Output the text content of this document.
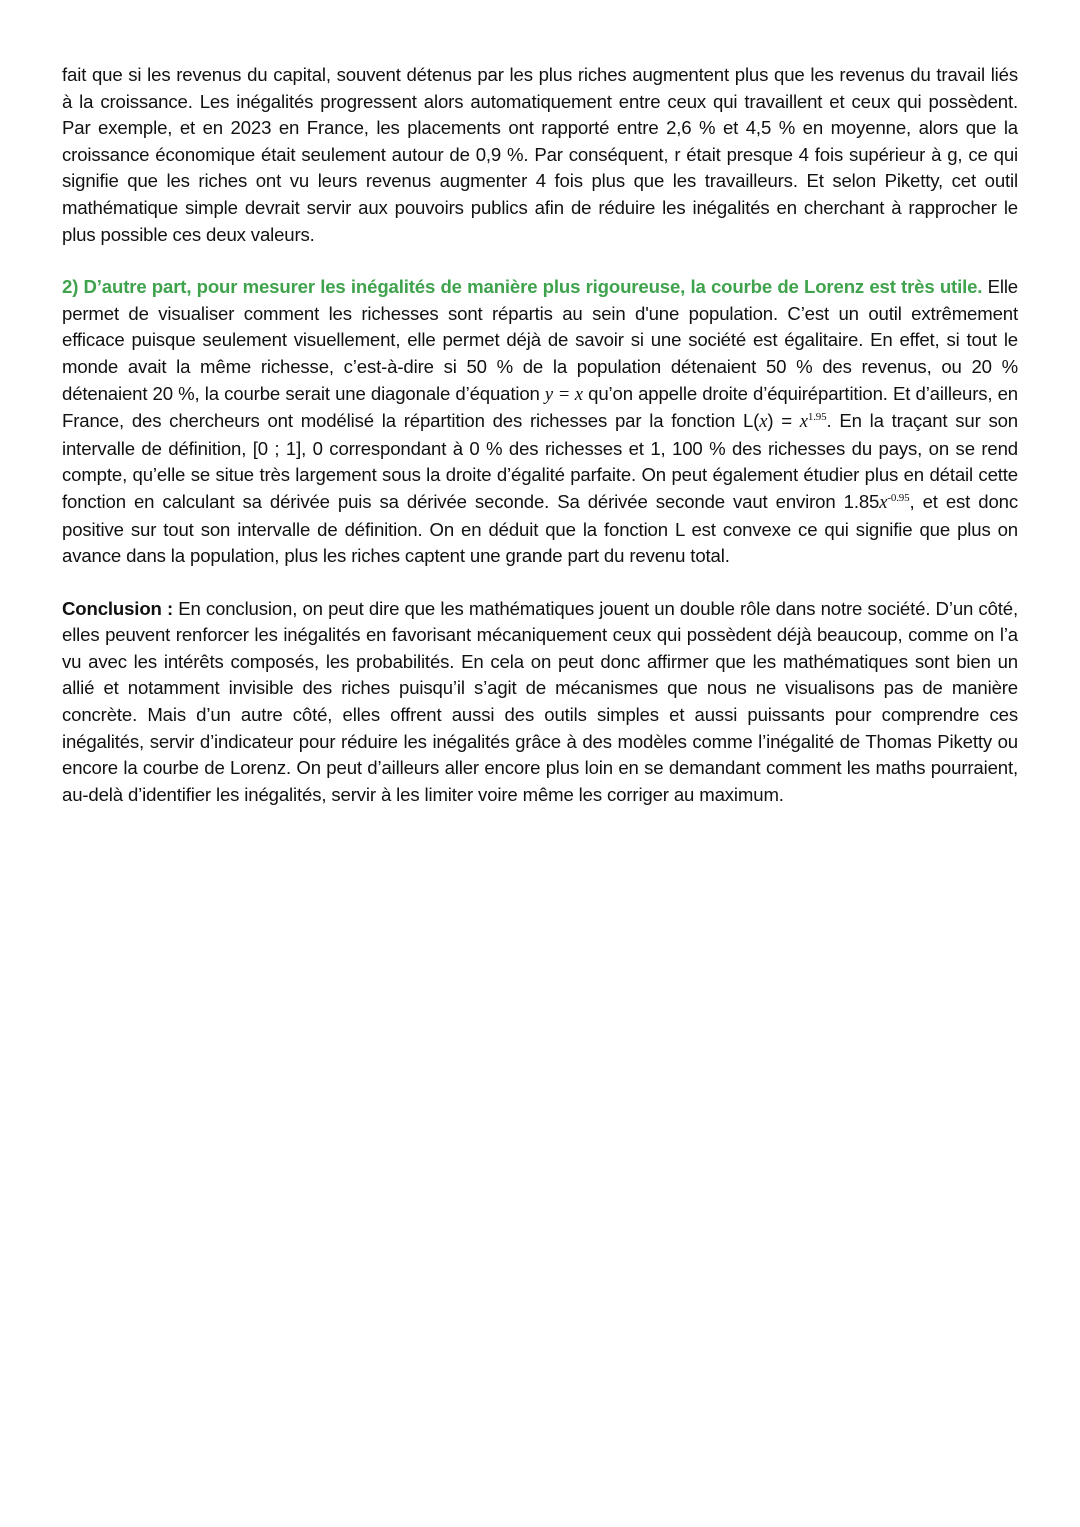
fait que si les revenus du capital, souvent détenus par les plus riches augmentent plus que les revenus du travail liés à la croissance. Les inégalités progressent alors automatiquement entre ceux qui travaillent et ceux qui possèdent. Par exemple, et en 2023 en France, les placements ont rapporté entre 2,6 % et 4,5 % en moyenne, alors que la croissance économique était seulement autour de 0,9 %. Par conséquent, r était presque 4 fois supérieur à g, ce qui signifie que les riches ont vu leurs revenus augmenter 4 fois plus que les travailleurs. Et selon Piketty, cet outil mathématique simple devrait servir aux pouvoirs publics afin de réduire les inégalités en cherchant à rapprocher le plus possible ces deux valeurs.

2) D’autre part, pour mesurer les inégalités de manière plus rigoureuse, la courbe de Lorenz est très utile. Elle permet de visualiser comment les richesses sont répartis au sein d'une population. C’est un outil extrêmement efficace puisque seulement visuellement, elle permet déjà de savoir si une société est égalitaire. En effet, si tout le monde avait la même richesse, c’est-à-dire si 50 % de la population détenaient 50 % des revenus, ou 20 % détenaient 20 %, la courbe serait une diagonale d’équation y = x qu’on appelle droite d’équirépartition. Et d’ailleurs, en France, des chercheurs ont modélisé la répartition des richesses par la fonction $L(x) = x^{1.95}$. En la traçant sur son intervalle de définition, [0 ; 1], 0 correspondant à 0 % des richesses et 1, 100 % des richesses du pays, on se rend compte, qu’elle se situe très largement sous la droite d’égalité parfaite. On peut également étudier plus en détail cette fonction en calculant sa dérivée puis sa dérivée seconde. Sa dérivée seconde vaut environ $1.85x^{-0.95}$, et est donc positive sur tout son intervalle de définition. On en déduit que la fonction L est convexe ce qui signifie que plus on avance dans la population, plus les riches captent une grande part du revenu total.

Conclusion : En conclusion, on peut dire que les mathématiques jouent un double rôle dans notre société. D’un côté, elles peuvent renforcer les inégalités en favorisant mécaniquement ceux qui possèdent déjà beaucoup, comme on l’a vu avec les intérêts composés, les probabilités. En cela on peut donc affirmer que les mathématiques sont bien un allié et notamment invisible des riches puisqu’il s’agit de mécanismes que nous ne visualisons pas de manière concrète. Mais d’un autre côté, elles offrent aussi des outils simples et aussi puissants pour comprendre ces inégalités, servir d’indicateur pour réduire les inégalités grâce à des modèles comme l’inégalité de Thomas Piketty ou encore la courbe de Lorenz. On peut d’ailleurs aller encore plus loin en se demandant comment les maths pourraient, au-delà d’identifier les inégalités, servir à les limiter voire même les corriger au maximum.
